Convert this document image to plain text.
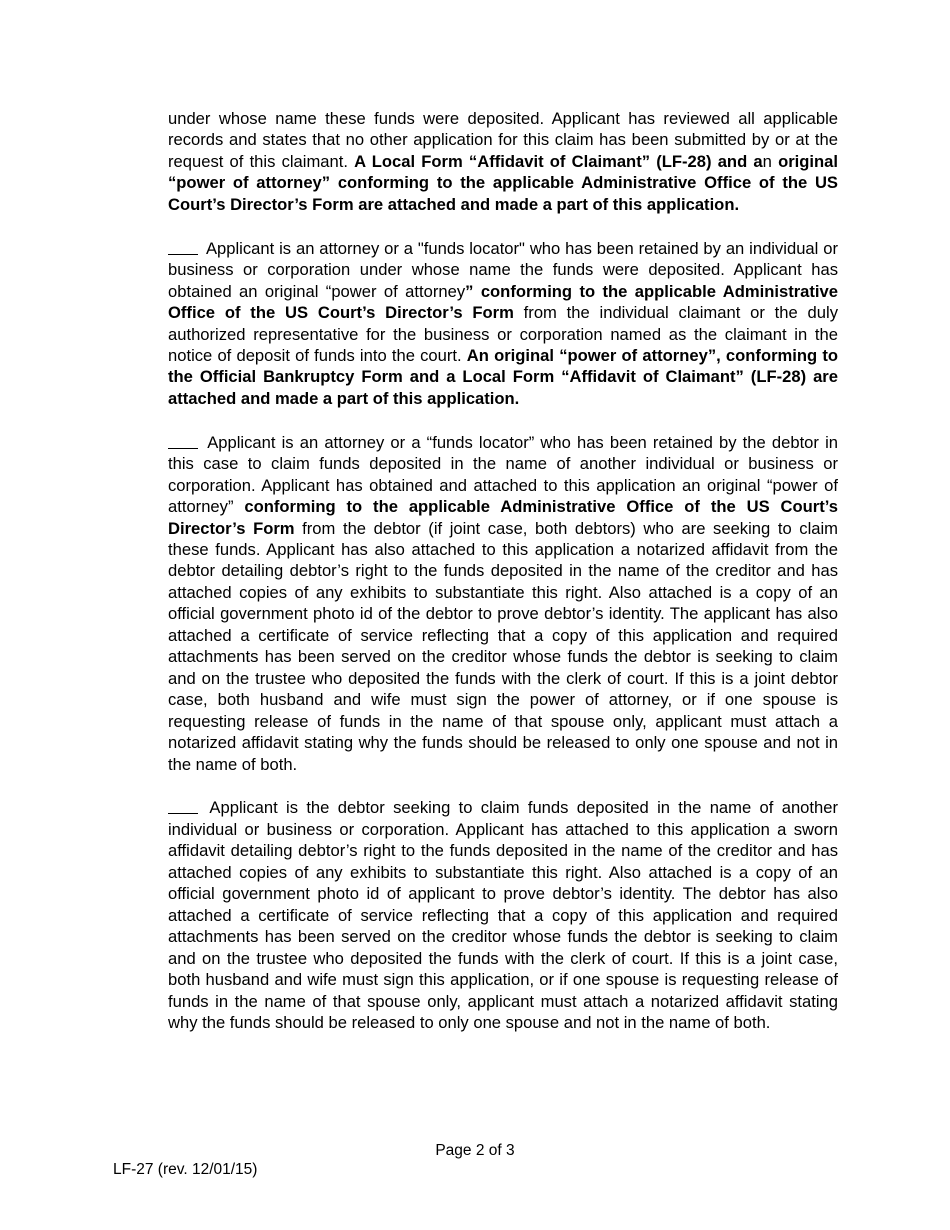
under whose name these funds were deposited. Applicant has reviewed all applicable records and states that no other application for this claim has been submitted by or at the request of this claimant. A Local Form “Affidavit of Claimant” (LF-28) and an original “power of attorney” conforming to the applicable Administrative Office of the US Court’s Director’s Form are attached and made a part of this application.

Applicant is an attorney or a "funds locator" who has been retained by an individual or business or corporation under whose name the funds were deposited. Applicant has obtained an original “power of attorney” conforming to the applicable Administrative Office of the US Court’s Director’s Form from the individual claimant or the duly authorized representative for the business or corporation named as the claimant in the notice of deposit of funds into the court. An original “power of attorney”, conforming to the Official Bankruptcy Form and a Local Form “Affidavit of Claimant” (LF-28) are attached and made a part of this application.

Applicant is an attorney or a “funds locator” who has been retained by the debtor in this case to claim funds deposited in the name of another individual or business or corporation. Applicant has obtained and attached to this application an original “power of attorney” conforming to the applicable Administrative Office of the US Court’s Director’s Form from the debtor (if joint case, both debtors) who are seeking to claim these funds. Applicant has also attached to this application a notarized affidavit from the debtor detailing debtor’s right to the funds deposited in the name of the creditor and has attached copies of any exhibits to substantiate this right. Also attached is a copy of an official government photo id of the debtor to prove debtor’s identity. The applicant has also attached a certificate of service reflecting that a copy of this application and required attachments has been served on the creditor whose funds the debtor is seeking to claim and on the trustee who deposited the funds with the clerk of court. If this is a joint debtor case, both husband and wife must sign the power of attorney, or if one spouse is requesting release of funds in the name of that spouse only, applicant must attach a notarized affidavit stating why the funds should be released to only one spouse and not in the name of both.

Applicant is the debtor seeking to claim funds deposited in the name of another individual or business or corporation. Applicant has attached to this application a sworn affidavit detailing debtor’s right to the funds deposited in the name of the creditor and has attached copies of any exhibits to substantiate this right. Also attached is a copy of an official government photo id of applicant to prove debtor’s identity. The debtor has also attached a certificate of service reflecting that a copy of this application and required attachments has been served on the creditor whose funds the debtor is seeking to claim and on the trustee who deposited the funds with the clerk of court. If this is a joint case, both husband and wife must sign this application, or if one spouse is requesting release of funds in the name of that spouse only, applicant must attach a notarized affidavit stating why the funds should be released to only one spouse and not in the name of both.

Page 2 of 3
LF-27 (rev. 12/01/15)
